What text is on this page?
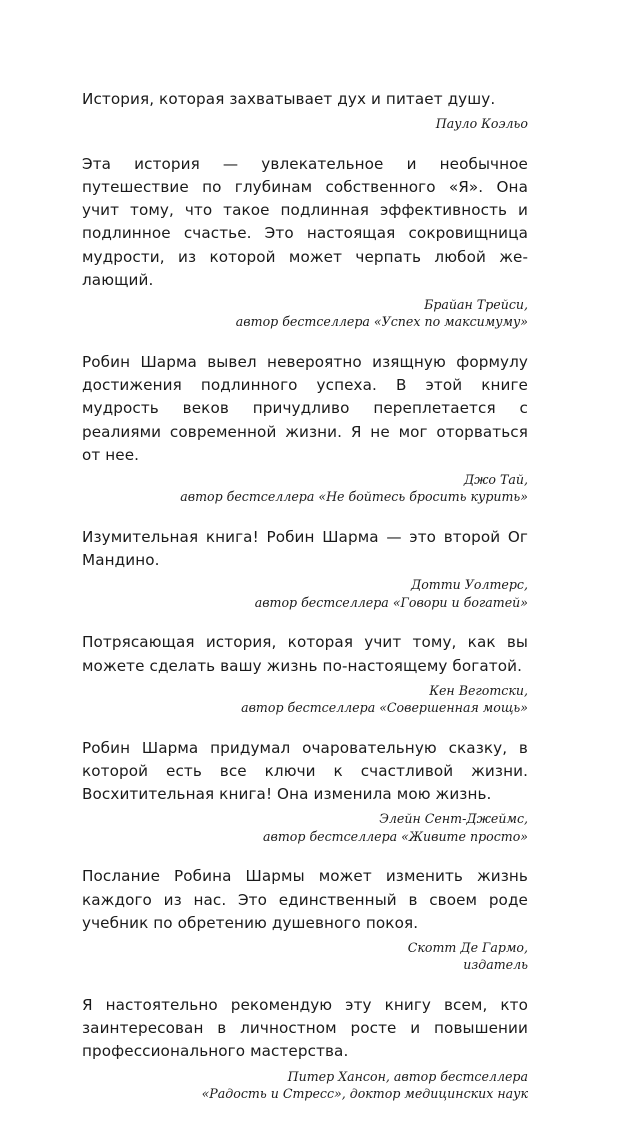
История, которая захватывает дух и питает душу.

Пауло Коэльо

Эта история — увлекательное и необычное путешествие по глубинам собственного «Я». Она учит тому, что такое подлинная эффективность и подлинное счастье. Это настоящая сокровищница мудрости, из которой может черпать любой желающий.

Брайан Трейси,
автор бестселлера «Успех по максимуму»

Робин Шарма вывел невероятно изящную формулу достижения подлинного успеха. В этой книге мудрость веков причудливо переплетается с реалиями современной жизни. Я не мог оторваться от нее.

Джо Тай,
автор бестселлера «Не бойтесь бросить курить»

Изумительная книга! Робин Шарма — это второй Ог Мандино.

Дотти Уолтерс,
автор бестселлера «Говори и богатей»

Потрясающая история, которая учит тому, как вы можете сделать вашу жизнь по-настоящему богатой.

Кен Веготски,
автор бестселлера «Совершенная мощь»

Робин Шарма придумал очаровательную сказку, в которой есть все ключи к счастливой жизни. Восхитительная книга! Она изменила мою жизнь.

Элейн Сент-Джеймс,
автор бестселлера «Живите просто»

Послание Робина Шармы может изменить жизнь каждого из нас. Это единственный в своем роде учебник по обретению душевного покоя.

Скотт Де Гармо,
издатель

Я настоятельно рекомендую эту книгу всем, кто заинтересован в личностном росте и повышении профессионального мастерства.

Питер Хансон, автор бестселлера
«Радость и Стресс», доктор медицинских наук
